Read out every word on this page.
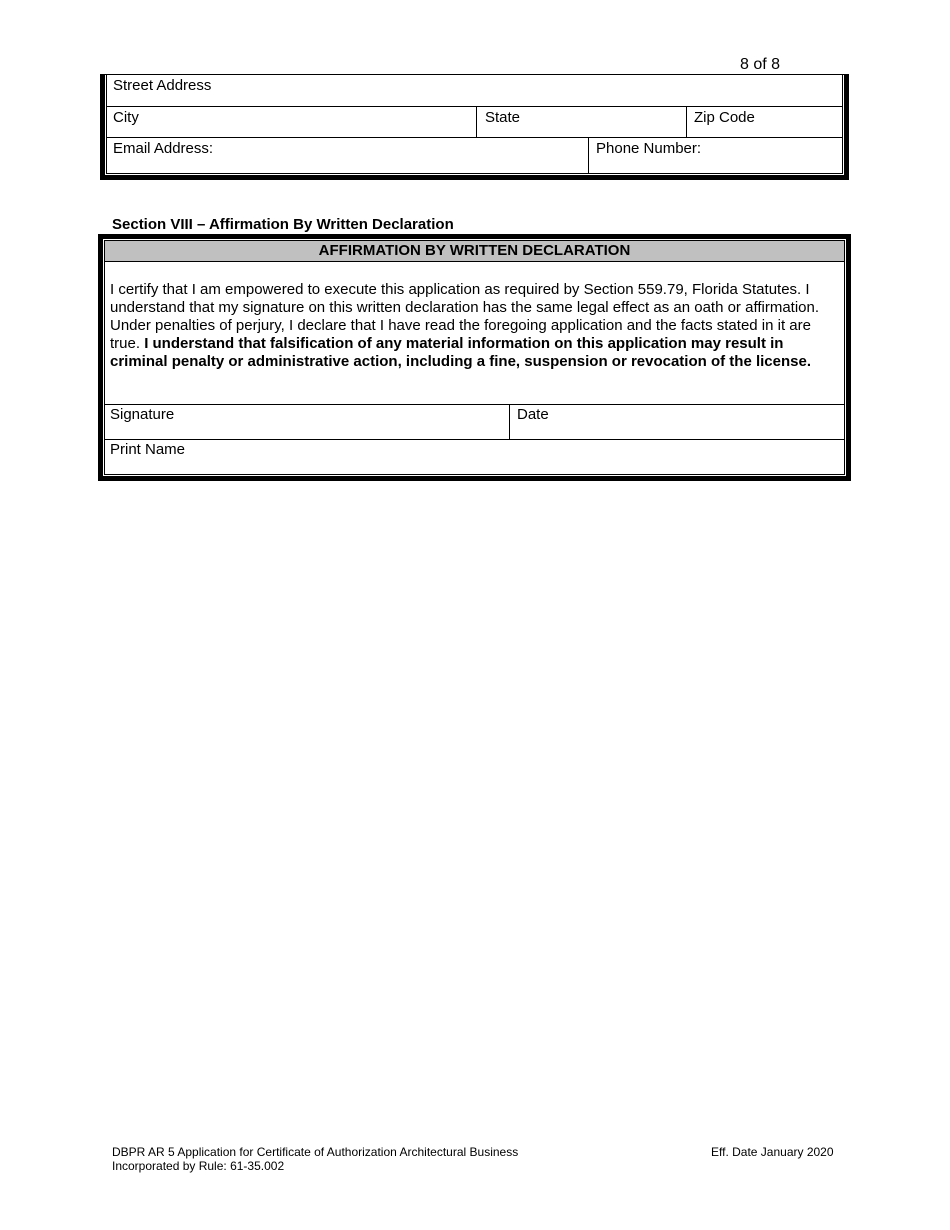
8 of 8
Street Address
City	State	Zip Code
Email Address:	Phone Number:
Section VIII – Affirmation By Written Declaration
AFFIRMATION BY WRITTEN DECLARATION
I certify that I am empowered to execute this application as required by Section 559.79, Florida Statutes. I understand that my signature on this written declaration has the same legal effect as an oath or affirmation. Under penalties of perjury, I declare that I have read the foregoing application and the facts stated in it are true. I understand that falsification of any material information on this application may result in criminal penalty or administrative action, including a fine, suspension or revocation of the license.
Signature	Date
Print Name
DBPR AR 5 Application for Certificate of Authorization Architectural Business
Incorporated by Rule: 61-35.002
Eff. Date January 2020
